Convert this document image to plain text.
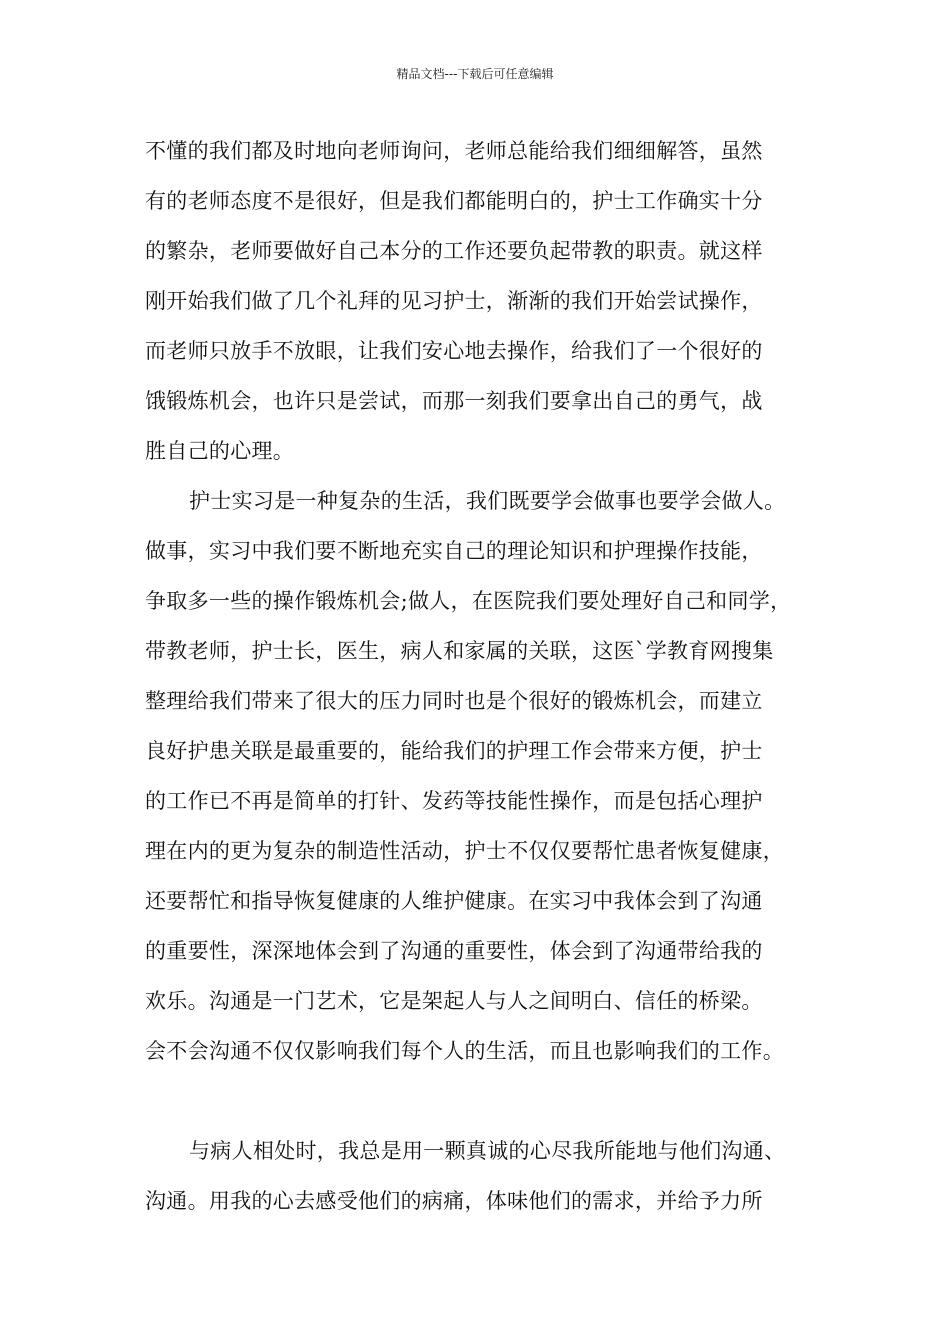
精品文档---下载后可任意编辑
不懂的我们都及时地向老师询问，老师总能给我们细细解答，虽然
有的老师态度不是很好，但是我们都能明白的，护士工作确实十分
的繁杂，老师要做好自己本分的工作还要负起带教的职责。就这样
刚开始我们做了几个礼拜的见习护士，渐渐的我们开始尝试操作，
而老师只放手不放眼，让我们安心地去操作，给我们了一个很好的
饿锻炼机会，也许只是尝试，而那一刻我们要拿出自己的勇气，战
胜自己的心理。
护士实习是一种复杂的生活，我们既要学会做事也要学会做人。
做事，实习中我们要不断地充实自己的理论知识和护理操作技能，
争取多一些的操作锻炼机会;做人，在医院我们要处理好自己和同学，
带教老师，护士长，医生，病人和家属的关联，这医`学教育网搜集
整理给我们带来了很大的压力同时也是个很好的锻炼机会，而建立
良好护患关联是最重要的，能给我们的护理工作会带来方便，护士
的工作已不再是简单的打针、发药等技能性操作，而是包括心理护
理在内的更为复杂的制造性活动，护士不仅仅要帮忙患者恢复健康，
还要帮忙和指导恢复健康的人维护健康。在实习中我体会到了沟通
的重要性，深深地体会到了沟通的重要性，体会到了沟通带给我的
欢乐。沟通是一门艺术，它是架起人与人之间明白、信任的桥梁。
会不会沟通不仅仅影响我们每个人的生活，而且也影响我们的工作。
与病人相处时，我总是用一颗真诚的心尽我所能地与他们沟通、
沟通。用我的心去感受他们的病痛，体味他们的需求，并给予力所
